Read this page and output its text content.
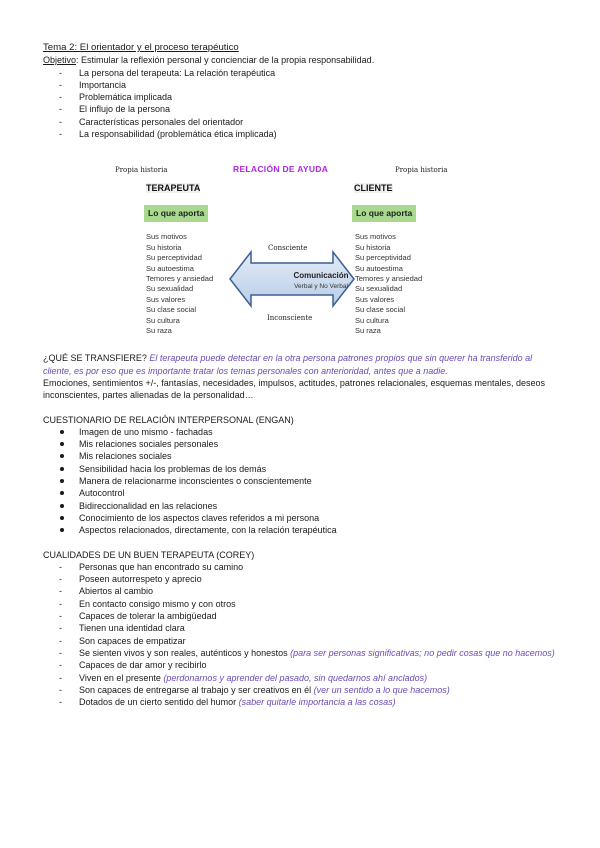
Tema 2: El orientador y el proceso terapéutico
Objetivo: Estimular la reflexión personal y concienciar de la propia responsabilidad.
- La persona del terapeuta: La relación terapéutica
- Importancia
- Problemática implicada
- El influjo de la persona
- Características personales del orientador
- La responsabilidad (problemática ética implicada)
Propia historia	Propia historia
RELACIÓN DE AYUDA
TERAPEUTA	CLIENTE
Lo que aporta	Lo que aporta
Sus motivos
Su historia
Su perceptividad
Su autoestima
Temores y ansiedad
Su sexualidad
Sus valores
Su clase social
Su cultura
Su raza
Sus motivos
Su historia
Su perceptividad
Su autoestima
Temores y ansiedad
Su sexualidad
Sus valores
Su clase social
Su cultura
Su raza
Consciente
Inconsciente
Comunicación
Verbal y No Verbal
¿QUÉ SE TRANSFIERE? El terapeuta puede detectar en la otra persona patrones propios que sin querer ha transferido al cliente, es por eso que es importante tratar los temas personales con anterioridad, antes que a nadie.
Emociones, sentimientos +/-, fantasías, necesidades, impulsos, actitudes, patrones relacionales, esquemas mentales, deseos inconscientes, partes alienadas de la personalidad…
CUESTIONARIO DE RELACIÓN INTERPERSONAL (ENGAN)
Imagen de uno mismo - fachadas
Mis relaciones sociales personales
Mis relaciones sociales
Sensibilidad hacia los problemas de los demás
Manera de relacionarme inconscientes o conscientemente
Autocontrol
Bidireccionalidad en las relaciones
Conocimiento de los aspectos claves referidos a mi persona
Aspectos relacionados, directamente, con la relación terapéutica
CUALIDADES DE UN BUEN TERAPEUTA (COREY)
- Personas que han encontrado su camino
- Poseen autorrespeto y aprecio
- Abiertos al cambio
- En contacto consigo mismo y con otros
- Capaces de tolerar la ambigüedad
- Tienen una identidad clara
- Son capaces de empatizar
- Se sienten vivos y son reales, auténticos y honestos (para ser personas significativas; no pedir cosas que no hacemos)
- Capaces de dar amor y recibirlo
- Viven en el presente (perdonarnos y aprender del pasado, sin quedarnos ahí anclados)
- Son capaces de entregarse al trabajo y ser creativos en él (ver un sentido a lo que hacemos)
- Dotados de un cierto sentido del humor (saber quitarle importancia a las cosas)
